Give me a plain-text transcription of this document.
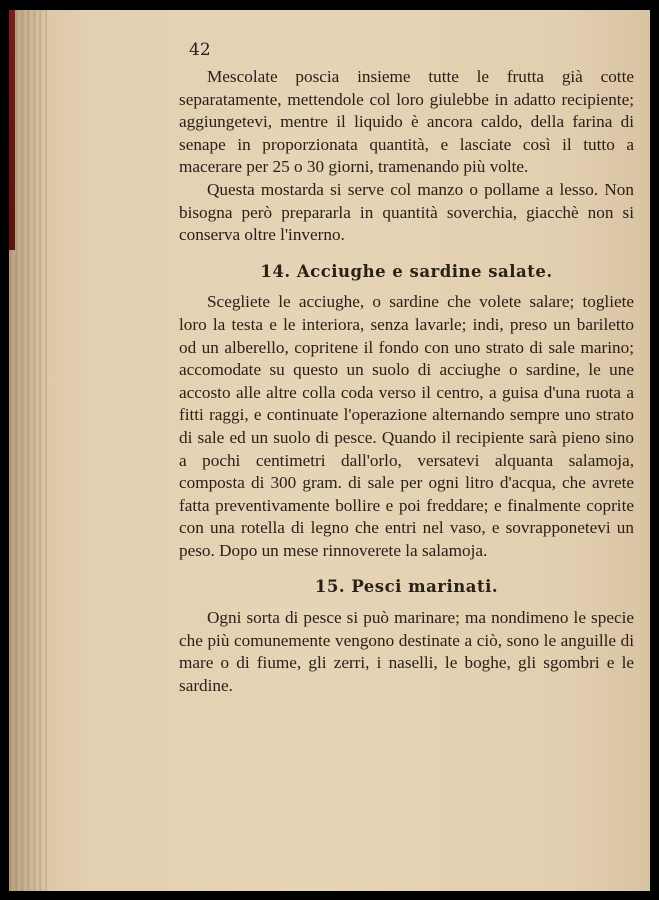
42

Mescolate poscia insieme tutte le frutta già cotte separatamente, mettendole col loro giulebbe in adatto recipiente; aggiungetevi, mentre il liquido è ancora caldo, della farina di senape in proporzionata quantità, e lasciate così il tutto a macerare per 25 o 30 giorni, tramenando più volte.

Questa mostarda si serve col manzo o pollame a lesso. Non bisogna però prepararla in quantità soverchia, giacchè non si conserva oltre l'inverno.

14. Acciughe e sardine salate.

Scegliete le acciughe, o sardine che volete salare; togliete loro la testa e le interiora, senza lavarle; indi, preso un bariletto od un alberello, copritene il fondo con uno strato di sale marino; accomodate su questo un suolo di acciughe o sardine, le une accosto alle altre colla coda verso il centro, a guisa d'una ruota a fitti raggi, e continuate l'operazione alternando sempre uno strato di sale ed un suolo di pesce. Quando il recipiente sarà pieno sino a pochi centimetri dall'orlo, versatevi alquanta salamoja, composta di 300 gram. di sale per ogni litro d'acqua, che avrete fatta preventivamente bollire e poi freddare; e finalmente coprite con una rotella di legno che entri nel vaso, e sovrapponetevi un peso. Dopo un mese rinnoverete la salamoja.

15. Pesci marinati.

Ogni sorta di pesce si può marinare; ma nondimeno le specie che più comunemente vengono destinate a ciò, sono le anguille di mare o di fiume, gli zerri, i naselli, le boghe, gli sgombri e le sardine.
